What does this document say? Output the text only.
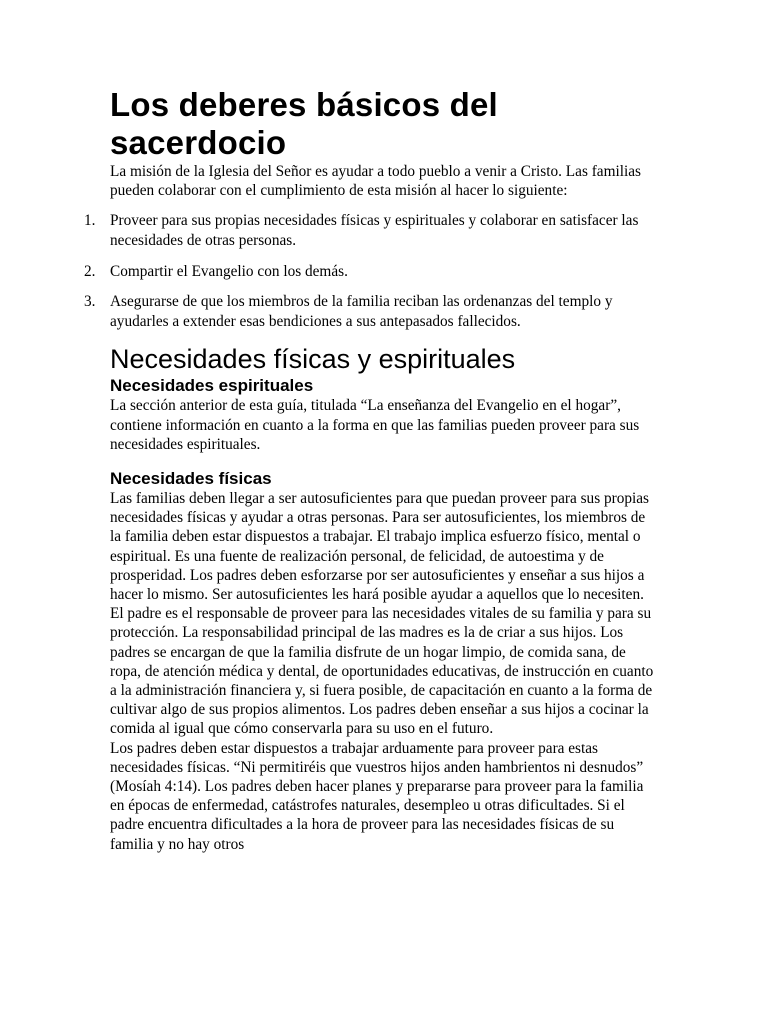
Los deberes básicos del sacerdocio

La misión de la Iglesia del Señor es ayudar a todo pueblo a venir a Cristo. Las familias pueden colaborar con el cumplimiento de esta misión al hacer lo siguiente:

1. Proveer para sus propias necesidades físicas y espirituales y colaborar en satisfacer las necesidades de otras personas.
2. Compartir el Evangelio con los demás.
3. Asegurarse de que los miembros de la familia reciban las ordenanzas del templo y ayudarles a extender esas bendiciones a sus antepasados fallecidos.
Necesidades físicas y espirituales
Necesidades espirituales

La sección anterior de esta guía, titulada “La enseñanza del Evangelio en el hogar”, contiene información en cuanto a la forma en que las familias pueden proveer para sus necesidades espirituales.

Necesidades físicas

Las familias deben llegar a ser autosuficientes para que puedan proveer para sus propias necesidades físicas y ayudar a otras personas. Para ser autosuficientes, los miembros de la familia deben estar dispuestos a trabajar. El trabajo implica esfuerzo físico, mental o espiritual. Es una fuente de realización personal, de felicidad, de autoestima y de prosperidad. Los padres deben esforzarse por ser autosuficientes y enseñar a sus hijos a hacer lo mismo. Ser autosuficientes les hará posible ayudar a aquellos que lo necesiten.

El padre es el responsable de proveer para las necesidades vitales de su familia y para su protección. La responsabilidad principal de las madres es la de criar a sus hijos. Los padres se encargan de que la familia disfrute de un hogar limpio, de comida sana, de ropa, de atención médica y dental, de oportunidades educativas, de instrucción en cuanto a la administración financiera y, si fuera posible, de capacitación en cuanto a la forma de cultivar algo de sus propios alimentos. Los padres deben enseñar a sus hijos a cocinar la comida al igual que cómo conservarla para su uso en el futuro.

Los padres deben estar dispuestos a trabajar arduamente para proveer para estas necesidades físicas. “Ni permitiréis que vuestros hijos anden hambrientos ni desnudos” (Mosíah 4:14). Los padres deben hacer planes y prepararse para proveer para la familia en épocas de enfermedad, catástrofes naturales, desempleo u otras dificultades. Si el padre encuentra dificultades a la hora de proveer para las necesidades físicas de su familia y no hay otros
